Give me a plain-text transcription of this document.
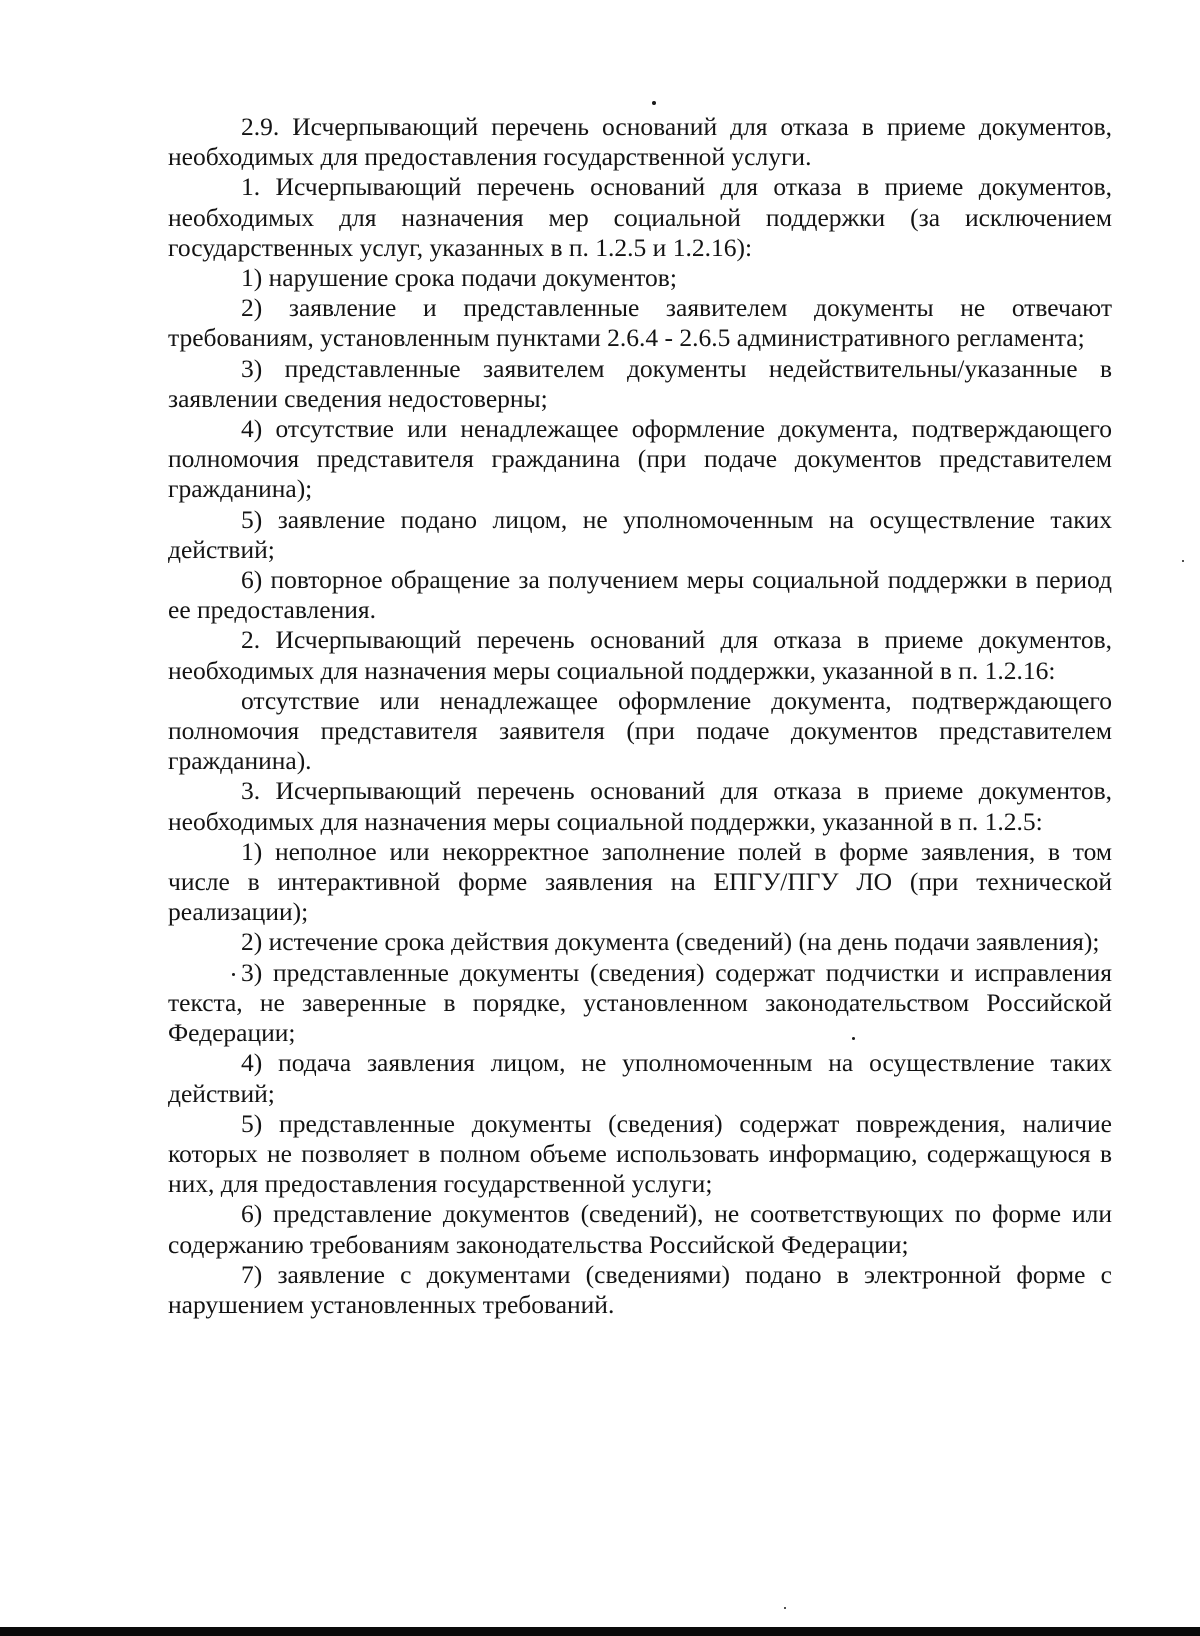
2.9. Исчерпывающий перечень оснований для отказа в приеме документов, необходимых для предоставления государственной услуги.

1. Исчерпывающий перечень оснований для отказа в приеме документов, необходимых для назначения мер социальной поддержки (за исключением государственных услуг, указанных в п. 1.2.5 и 1.2.16):

1) нарушение срока подачи документов;

2) заявление и представленные заявителем документы не отвечают требованиям, установленным пунктами 2.6.4 - 2.6.5 административного регламента;

3) представленные заявителем документы недействительны/указанные в заявлении сведения недостоверны;

4) отсутствие или ненадлежащее оформление документа, подтверждающего полномочия представителя гражданина (при подаче документов представителем гражданина);

5) заявление подано лицом, не уполномоченным на осуществление таких действий;

6) повторное обращение за получением меры социальной поддержки в период ее предоставления.

2. Исчерпывающий перечень оснований для отказа в приеме документов, необходимых для назначения меры социальной поддержки, указанной в п. 1.2.16:

отсутствие или ненадлежащее оформление документа, подтверждающего полномочия представителя заявителя (при подаче документов представителем гражданина).

3. Исчерпывающий перечень оснований для отказа в приеме документов, необходимых для назначения меры социальной поддержки, указанной в п. 1.2.5:

1) неполное или некорректное заполнение полей в форме заявления, в том числе в интерактивной форме заявления на ЕПГУ/ПГУ ЛО (при технической реализации);

2) истечение срока действия документа (сведений) (на день подачи заявления);

3) представленные документы (сведения) содержат подчистки и исправления текста, не заверенные в порядке, установленном законодательством Российской Федерации;

4) подача заявления лицом, не уполномоченным на осуществление таких действий;

5) представленные документы (сведения) содержат повреждения, наличие которых не позволяет в полном объеме использовать информацию, содержащуюся в них, для предоставления государственной услуги;

6) представление документов (сведений), не соответствующих по форме или содержанию требованиям законодательства Российской Федерации;

7) заявление с документами (сведениями) подано в электронной форме с нарушением установленных требований.
